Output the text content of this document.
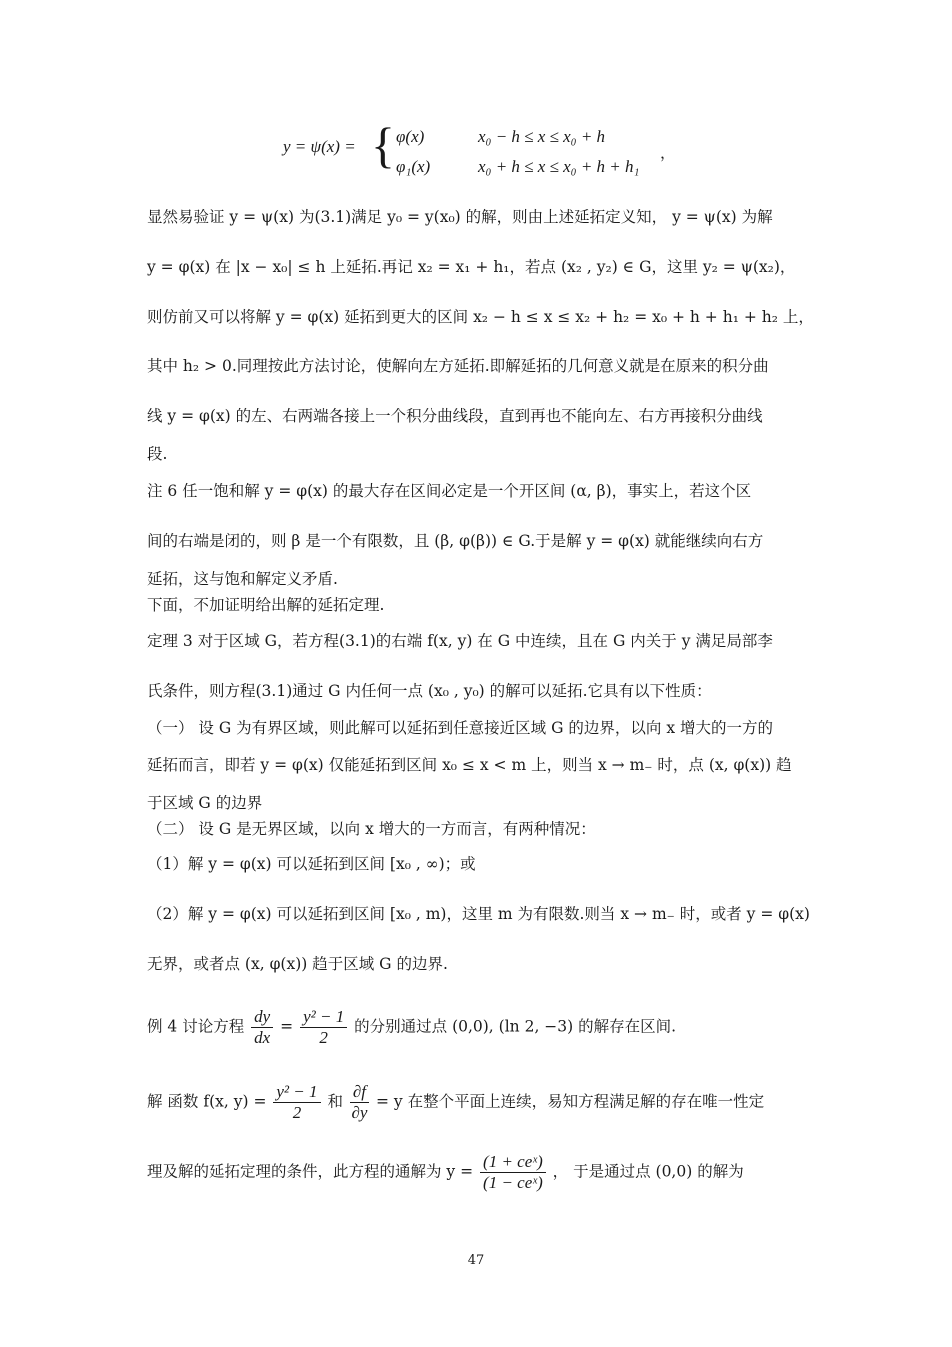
y = ψ(x) = { φ(x)	x₀ − h ≤ x ≤ x₀ + h
φ₁(x)	x₀ + h ≤ x ≤ x₀ + h + h₁
，
显然易验证 y = ψ(x) 为(3.1)满足 y₀ = y(x₀) 的解，则由上述延拓定义知， y = ψ(x) 为解
y = φ(x) 在 |x − x₀| ≤ h 上延拓.再记 x₂ = x₁ + h₁，若点 (x₂ , y₂) ∈ G，这里 y₂ = ψ(x₂)，
则仿前又可以将解 y = φ(x) 延拓到更大的区间 x₂ − h ≤ x ≤ x₂ + h₂ = x₀ + h + h₁ + h₂ 上，
其中 h₂ > 0.同理按此方法讨论，使解向左方延拓.即解延拓的几何意义就是在原来的积分曲
线 y = φ(x) 的左、右两端各接上一个积分曲线段，直到再也不能向左、右方再接积分曲线
段.
注 6 任一饱和解 y = φ(x) 的最大存在区间必定是一个开区间 (α, β)，事实上，若这个区
间的右端是闭的，则 β 是一个有限数，且 (β, φ(β)) ∈ G.于是解 y = φ(x) 就能继续向右方
延拓，这与饱和解定义矛盾.
下面，不加证明给出解的延拓定理.
定理 3 对于区域 G，若方程(3.1)的右端 f(x, y) 在 G 中连续，且在 G 内关于 y 满足局部李
氏条件，则方程(3.1)通过 G 内任何一点 (x₀ , y₀) 的解可以延拓.它具有以下性质：
（一） 设 G 为有界区域，则此解可以延拓到任意接近区域 G 的边界，以向 x 增大的一方的
延拓而言，即若 y = φ(x) 仅能延拓到区间 x₀ ≤ x < m 上，则当 x → m₋ 时，点 (x, φ(x)) 趋
于区域 G 的边界
（二） 设 G 是无界区域，以向 x 增大的一方而言，有两种情况：
（1）解 y = φ(x) 可以延拓到区间 [x₀ , ∞)；或
（2）解 y = φ(x) 可以延拓到区间 [x₀ , m)，这里 m 为有限数.则当 x → m₋ 时，或者 y = φ(x)
无界，或者点 (x, φ(x)) 趋于区域 G 的边界.
例 4 讨论方程 $\frac{dy}{dx} = \frac{\text{y² − 1}}{2}$ 的分别通过点 (0,0), (ln 2, −3) 的解存在区间.
解 函数 f(x, $y) = \frac{\text{y² − 1}}{2}$ 和 $\frac{\partial f}{\partial y} = y$ 在整个平面上连续，易知方程满足解的存在唯一性定
理及解的延拓定理的条件，此方程的通解为 $y = \frac{\text{(1 + ceˣ)}}{\text{(1 − ceˣ)}}$ ， 于是通过点 (0,0) 的解为
47
